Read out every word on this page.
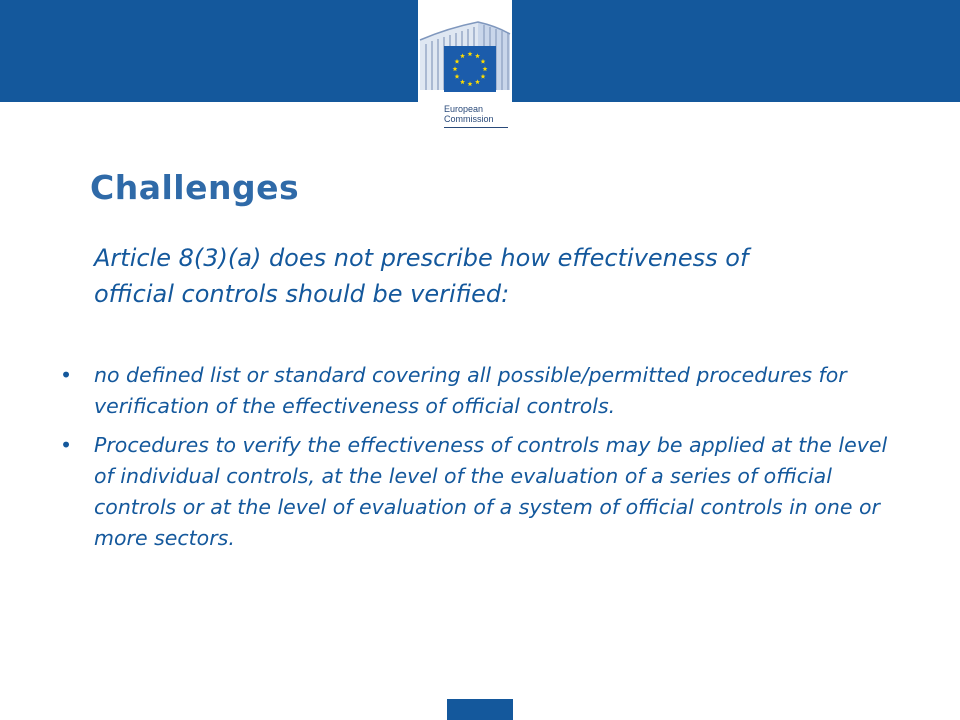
European
Commission
Challenges

Article 8(3)(a) does not prescribe how effectiveness of official controls should be verified:

• no defined list or standard covering all possible/permitted procedures for verification of the effectiveness of official controls.
• Procedures to verify the effectiveness of controls may be applied at the level of individual controls, at the level of the evaluation of a series of official controls or at the level of evaluation of a system of official controls in one or more sectors.
